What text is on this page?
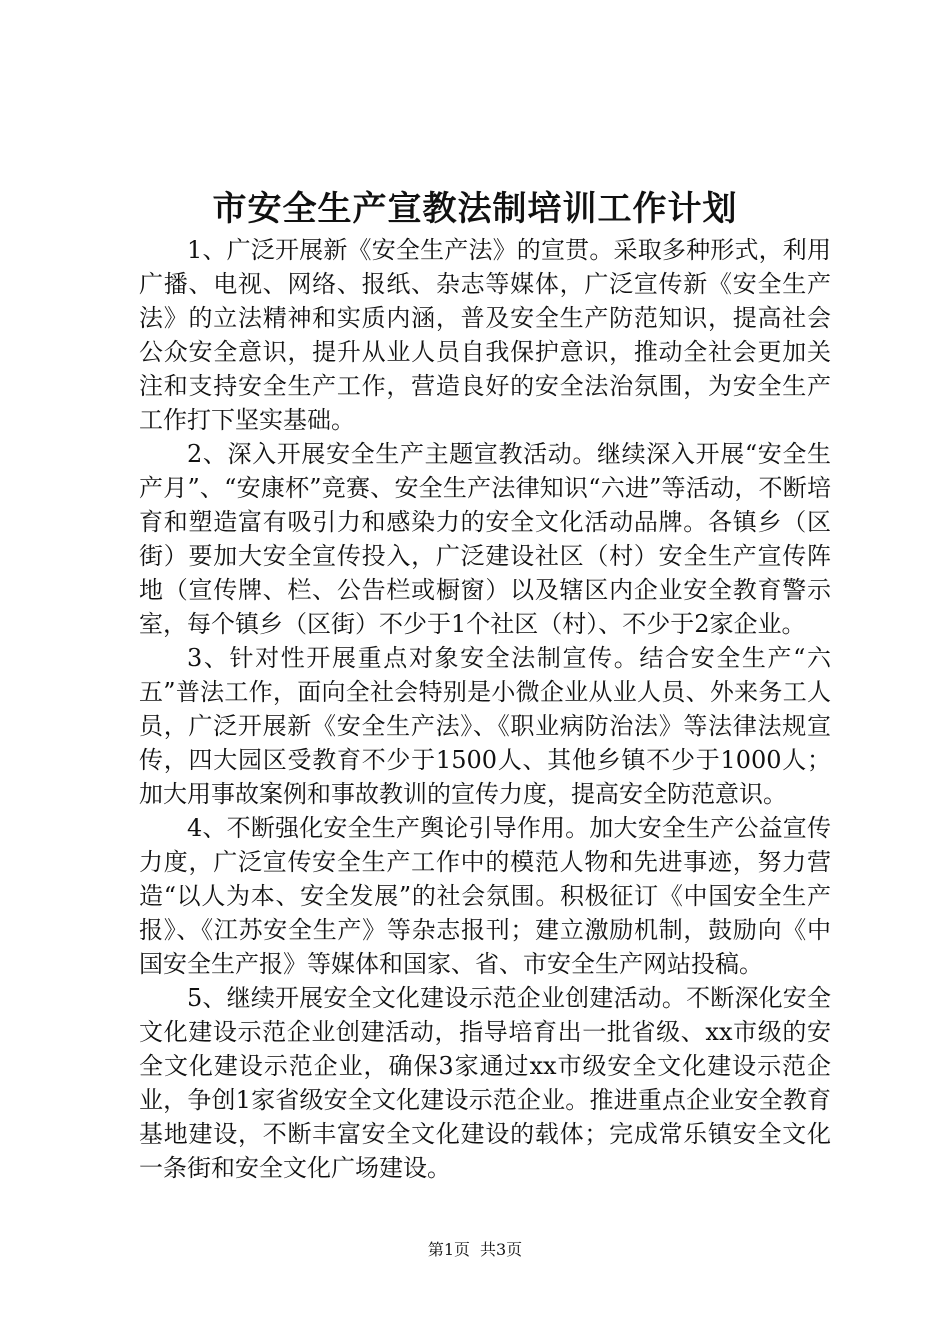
市安全生产宣教法制培训工作计划

1、广泛开展新《安全生产法》的宣贯。采取多种形式，利用广播、电视、网络、报纸、杂志等媒体，广泛宣传新《安全生产法》的立法精神和实质内涵，普及安全生产防范知识，提高社会公众安全意识，提升从业人员自我保护意识，推动全社会更加关注和支持安全生产工作，营造良好的安全法治氛围，为安全生产工作打下坚实基础。

2、深入开展安全生产主题宣教活动。继续深入开展“安全生产月”、“安康杯”竞赛、安全生产法律知识“六进”等活动，不断培育和塑造富有吸引力和感染力的安全文化活动品牌。各镇乡（区街）要加大安全宣传投入，广泛建设社区（村）安全生产宣传阵地（宣传牌、栏、公告栏或橱窗）以及辖区内企业安全教育警示室，每个镇乡（区街）不少于1个社区（村）、不少于2家企业。

3、针对性开展重点对象安全法制宣传。结合安全生产“六五”普法工作，面向全社会特别是小微企业从业人员、外来务工人员，广泛开展新《安全生产法》、《职业病防治法》等法律法规宣传，四大园区受教育不少于1500人、其他乡镇不少于1000人；加大用事故案例和事故教训的宣传力度，提高安全防范意识。

4、不断强化安全生产舆论引导作用。加大安全生产公益宣传力度，广泛宣传安全生产工作中的模范人物和先进事迹，努力营造“以人为本、安全发展”的社会氛围。积极征订《中国安全生产报》、《江苏安全生产》等杂志报刊；建立激励机制，鼓励向《中国安全生产报》等媒体和国家、省、市安全生产网站投稿。

5、继续开展安全文化建设示范企业创建活动。不断深化安全文化建设示范企业创建活动，指导培育出一批省级、xx市级的安全文化建设示范企业，确保3家通过xx市级安全文化建设示范企业，争创1家省级安全文化建设示范企业。推进重点企业安全教育基地建设，不断丰富安全文化建设的载体；完成常乐镇安全文化一条街和安全文化广场建设。

第1页 共3页
